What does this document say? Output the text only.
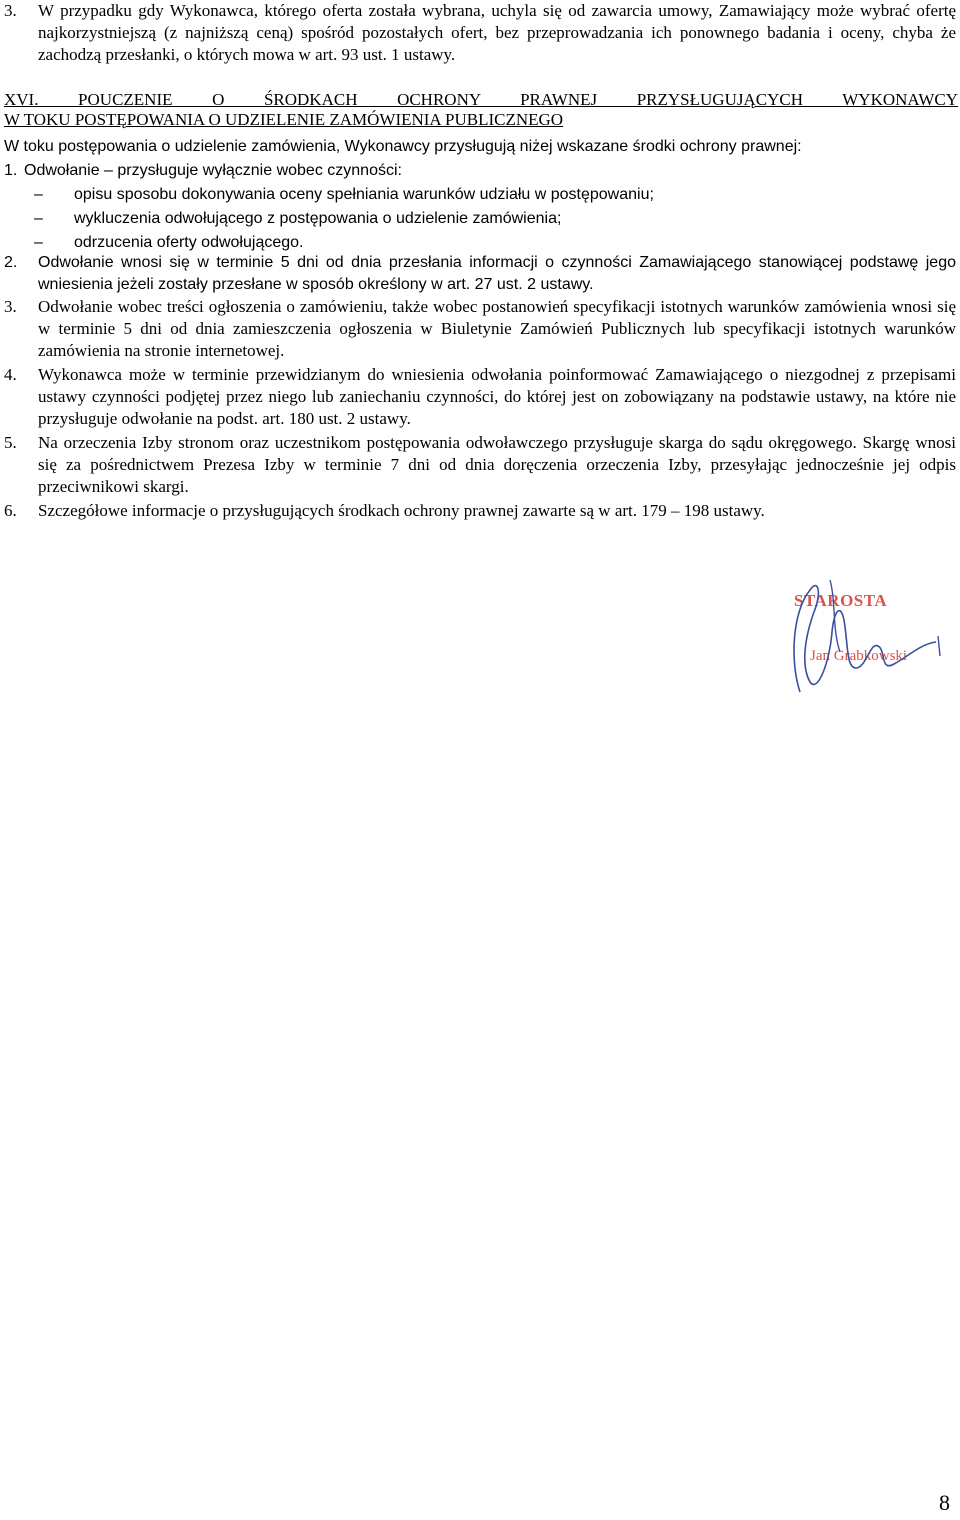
3. W przypadku gdy Wykonawca, którego oferta została wybrana, uchyla się od zawarcia umowy, Zamawiający może wybrać ofertę najkorzystniejszą (z najniższą ceną) spośród pozostałych ofert, bez przeprowadzania ich ponownego badania i oceny, chyba że zachodzą przesłanki, o których mowa w art. 93 ust. 1 ustawy.
XVI. POUCZENIE O ŚRODKACH OCHRONY PRAWNEJ PRZYSŁUGUJĄCYCH WYKONAWCY
W TOKU POSTĘPOWANIA O UDZIELENIE ZAMÓWIENIA PUBLICZNEGO
W toku postępowania o udzielenie zamówienia, Wykonawcy przysługują niżej wskazane środki ochrony prawnej:
1. Odwołanie – przysługuje wyłącznie wobec czynności:
– opisu sposobu dokonywania oceny spełniania warunków udziału w postępowaniu;
– wykluczenia odwołującego z postępowania o udzielenie zamówienia;
– odrzucenia oferty odwołującego.
2. Odwołanie wnosi się w terminie 5 dni od dnia przesłania informacji o czynności Zamawiającego stanowiącej podstawę jego wniesienia jeżeli zostały przesłane w sposób określony w art. 27 ust. 2 ustawy.
3. Odwołanie wobec treści ogłoszenia o zamówieniu, także wobec postanowień specyfikacji istotnych warunków zamówienia wnosi się w terminie 5 dni od dnia zamieszczenia ogłoszenia w Biuletynie Zamówień Publicznych lub specyfikacji istotnych warunków zamówienia na stronie internetowej.
4. Wykonawca może w terminie przewidzianym do wniesienia odwołania poinformować Zamawiającego o niezgodnej z przepisami ustawy czynności podjętej przez niego lub zaniechaniu czynności, do której jest on zobowiązany na podstawie ustawy, na które nie przysługuje odwołanie na podst. art. 180 ust. 2 ustawy.
5. Na orzeczenia Izby stronom oraz uczestnikom postępowania odwoławczego przysługuje skarga do sądu okręgowego. Skargę wnosi się za pośrednictwem Prezesa Izby w terminie 7 dni od dnia doręczenia orzeczenia Izby, przesyłając jednocześnie jej odpis przeciwnikowi skargi.
6. Szczegółowe informacje o przysługujących środkach ochrony prawnej zawarte są w art. 179 – 198 ustawy.
STAROSTA
Jan Grabkowski
8
